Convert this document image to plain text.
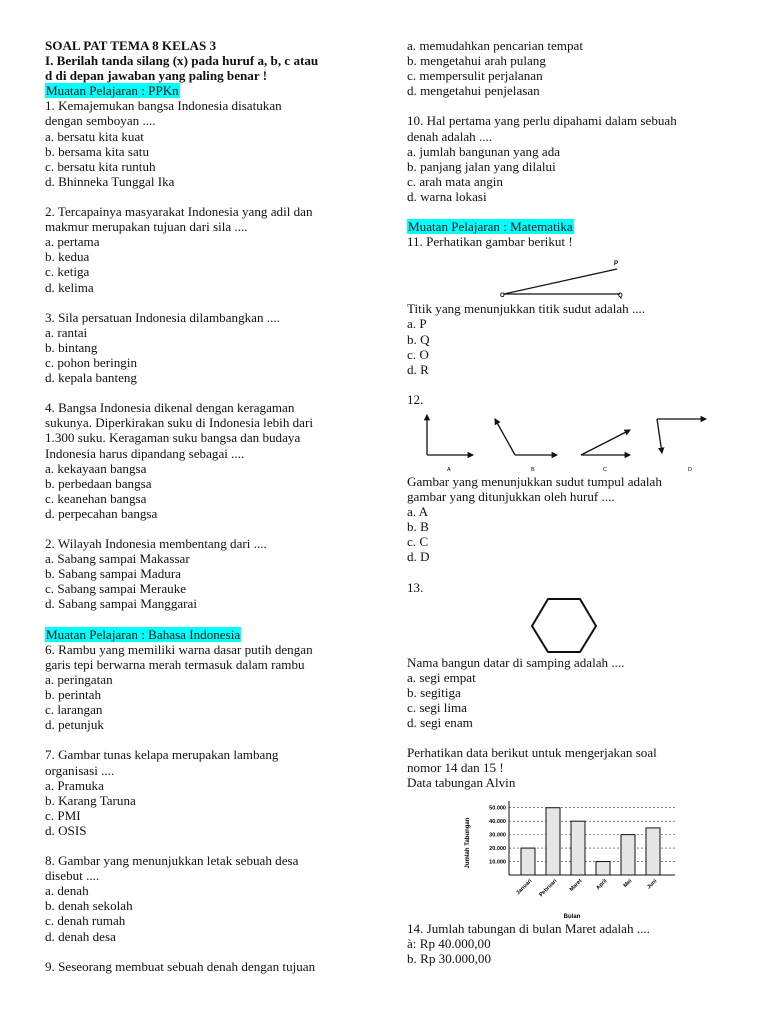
SOAL PAT TEMA 8 KELAS 3
I. Berilah tanda silang (x) pada huruf a, b, c atau
d di depan jawaban yang paling benar !
Muatan Pelajaran : PPKn
1. Kemajemukan bangsa Indonesia disatukan
dengan semboyan ....
a. bersatu kita kuat
b. bersama kita satu
c. bersatu kita runtuh
d. Bhinneka Tunggal Ika
2. Tercapainya masyarakat Indonesia yang adil dan
makmur merupakan tujuan dari sila ....
a. pertama
b. kedua
c. ketiga
d. kelima
3. Sila persatuan Indonesia dilambangkan ....
a. rantai
b. bintang
c. pohon beringin
d. kepala banteng
4. Bangsa Indonesia dikenal dengan keragaman
sukunya. Diperkirakan suku di Indonesia lebih dari
1.300 suku. Keragaman suku bangsa dan budaya
Indonesia harus dipandang sebagai ....
a. kekayaan bangsa
b. perbedaan bangsa
c. keanehan bangsa
d. perpecahan bangsa
2. Wilayah Indonesia membentang dari ....
a. Sabang sampai Makassar
b. Sabang sampai Madura
c. Sabang sampai Merauke
d. Sabang sampai Manggarai
Muatan Pelajaran : Bahasa Indonesia
6. Rambu yang memiliki warna dasar putih dengan
garis tepi berwarna merah termasuk dalam rambu
a. peringatan
b. perintah
c. larangan
d. petunjuk
7. Gambar tunas kelapa merupakan lambang
organisasi ....
a. Pramuka
b. Karang Taruna
c. PMI
d. OSIS
8. Gambar yang menunjukkan letak sebuah desa
disebut ....
a. denah
b. denah sekolah
c. denah rumah
d. denah desa
9. Seseorang membuat sebuah denah dengan tujuan
a. memudahkan pencarian tempat
b. mengetahui arah pulang
c. mempersulit perjalanan
d. mengetahui penjelasan
10. Hal pertama yang perlu dipahami dalam sebuah
denah adalah ....
a. jumlah bangunan yang ada
b. panjang jalan yang dilalui
c. arah mata angin
d. warna lokasi
Muatan Pelajaran : Matematika
11. Perhatikan gambar berikut !
P
O	Q
Titik yang menunjukkan titik sudut adalah ....
a. P
b. Q
c. O
d. R
12.
A	B	C	D
Gambar yang menunjukkan sudut tumpul adalah
gambar yang ditunjukkan oleh huruf ....
a. A
b. B
c. C
d. D
13.
Nama bangun datar di samping adalah ....
a. segi empat
b. segitiga
c. segi lima
d. segi enam
Perhatikan data berikut untuk mengerjakan soal
nomor 14 dan 15 !
Data tabungan Alvin
10.000
20.000
30.000
40.000
50.000
Januari Pebruari Maret April	Mei Juni
Jumlah Tabungan
Bulan
14. Jumlah tabungan di bulan Maret adalah ....
à: Rp 40.000,00
b. Rp 30.000,00
